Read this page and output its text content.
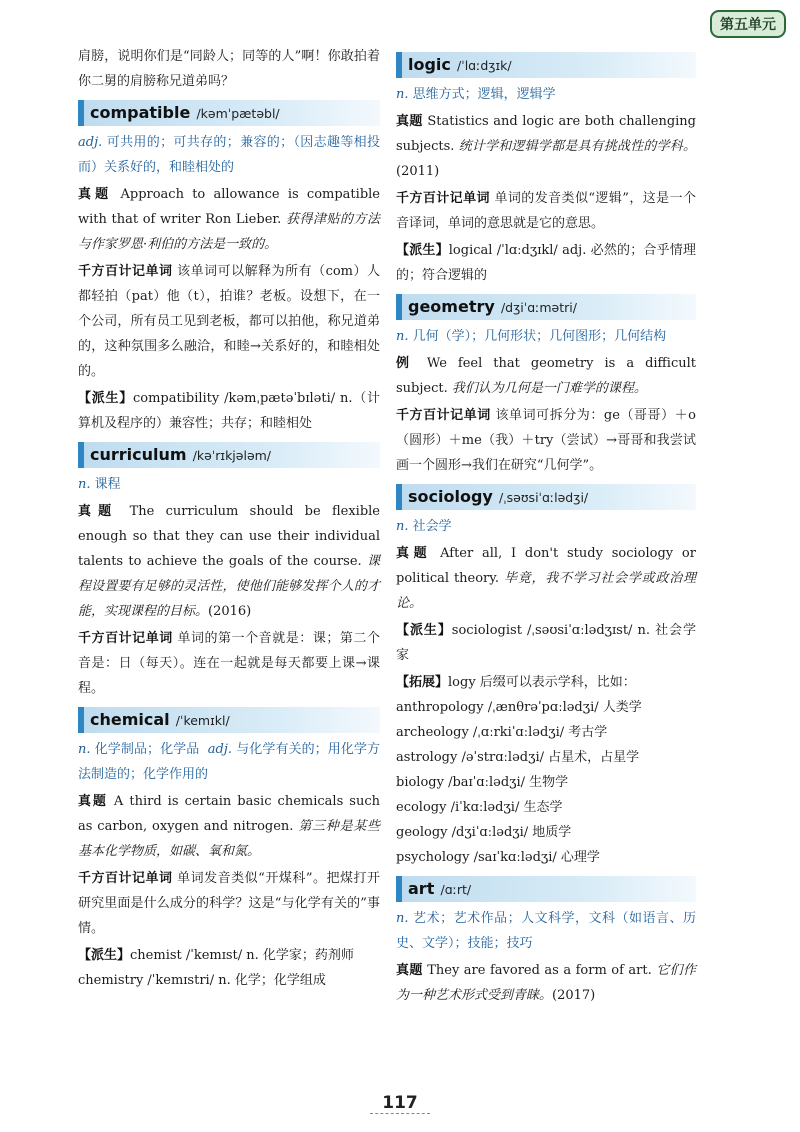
第五单元

肩膀，说明你们是“同龄人；同等的人”啊！你敢拍着你二舅的肩膀称兄道弟吗？

compatible /kəmˈpætəbl/

adj. 可共用的；可共存的；兼容的；（因志趣等相投而）关系好的，和睦相处的

真题 Approach to allowance is compatible with that of writer Ron Lieber. 获得津贴的方法与作家罗恩·利伯的方法是一致的。

千方百计记单词 该单词可以解释为所有（com）人都轻拍（pat）他（t），拍谁？老板。设想下，在一个公司，所有员工见到老板，都可以拍他，称兄道弟的，这种氛围多么融洽，和睦→关系好的，和睦相处的。

【派生】compatibility /kəmˌpætəˈbɪləti/ n.（计算机及程序的）兼容性；共存；和睦相处

curriculum /kəˈrɪkjələm/

n. 课程

真题 The curriculum should be flexible enough so that they can use their individual talents to achieve the goals of the course. 课程设置要有足够的灵活性，使他们能够发挥个人的才能，实现课程的目标。(2016)

千方百计记单词 单词的第一个音就是：课；第二个音是：日（每天）。连在一起就是每天都要上课→课程。

chemical /ˈkemɪkl/

n. 化学制品；化学品 adj. 与化学有关的；用化学方法制造的；化学作用的

真题 A third is certain basic chemicals such as carbon, oxygen and nitrogen. 第三种是某些基本化学物质，如碳、氧和氮。

千方百计记单词 单词发音类似“开煤科”。把煤打开研究里面是什么成分的科学？这是“与化学有关的”事情。

【派生】chemist /ˈkemɪst/ n. 化学家；药剂师

chemistry /ˈkemɪstri/ n. 化学；化学组成

logic /ˈlɑːdʒɪk/

n. 思维方式；逻辑，逻辑学

真题 Statistics and logic are both challenging subjects. 统计学和逻辑学都是具有挑战性的学科。(2011)

千方百计记单词 单词的发音类似“逻辑”，这是一个音译词，单词的意思就是它的意思。

【派生】logical /ˈlɑːdʒɪkl/ adj. 必然的；合乎情理的；符合逻辑的

geometry /dʒiˈɑːmətri/

n. 几何（学）；几何形状；几何图形；几何结构

例 We feel that geometry is a difficult subject. 我们认为几何是一门难学的课程。

千方百计记单词 该单词可拆分为：ge（哥哥）＋o（圆形）＋me（我）＋try（尝试）→哥哥和我尝试画一个圆形→我们在研究“几何学”。

sociology /ˌsəʊsiˈɑːlədʒi/

n. 社会学

真题 After all, I don't study sociology or political theory. 毕竟，我不学习社会学或政治理论。

【派生】sociologist /ˌsəʊsiˈɑːlədʒɪst/ n. 社会学家

【拓展】logy 后缀可以表示学科，比如：

anthropology /ˌænθrəˈpɑːlədʒi/ 人类学

archeology /ˌɑːrkiˈɑːlədʒi/ 考古学

astrology /əˈstrɑːlədʒi/ 占星术，占星学

biology /baɪˈɑːlədʒi/ 生物学

ecology /iˈkɑːlədʒi/ 生态学

geology /dʒiˈɑːlədʒi/ 地质学

psychology /saɪˈkɑːlədʒi/ 心理学

art /ɑːrt/

n. 艺术；艺术作品；人文科学，文科（如语言、历史、文学）；技能；技巧

真题 They are favored as a form of art. 它们作为一种艺术形式受到青睐。(2017)

117
